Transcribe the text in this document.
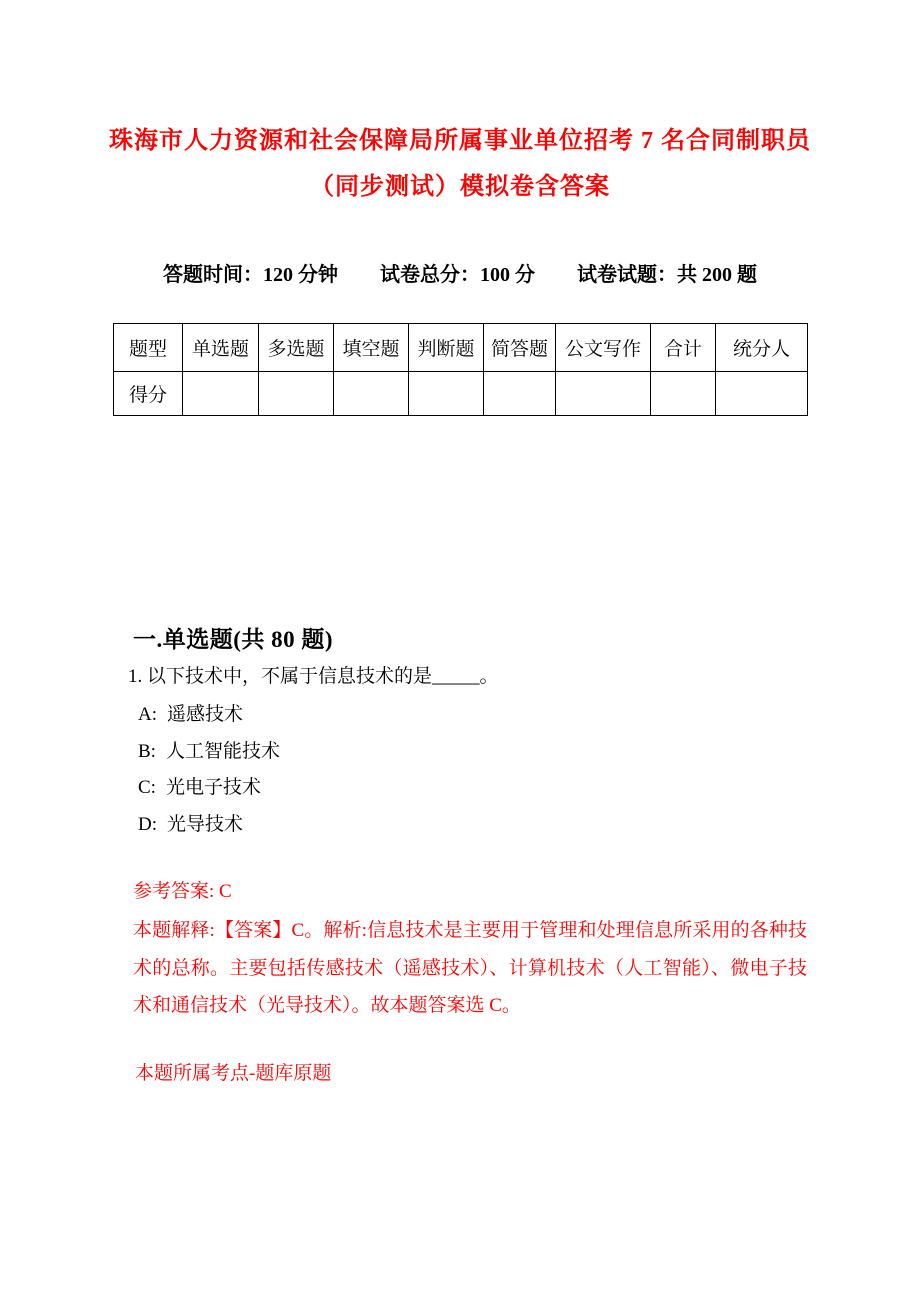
珠海市人力资源和社会保障局所属事业单位招考 7 名合同制职员
（同步测试）模拟卷含答案
答题时间：120 分钟 试卷总分：100 分 试卷试题：共 200 题
题型	单选题	多选题	填空题	判断题	简答题	公文写作	合计	统分人
得分								
一.单选题(共 80 题)
1. 以下技术中，不属于信息技术的是_____。
A: 遥感技术
B: 人工智能技术
C: 光电子技术
D: 光导技术
参考答案: C
本题解释:【答案】C。解析:信息技术是主要用于管理和处理信息所采用的各种技术的总称。主要包括传感技术（遥感技术）、计算机技术（人工智能）、微电子技术和通信技术（光导技术）。故本题答案选 C。
本题所属考点-题库原题
